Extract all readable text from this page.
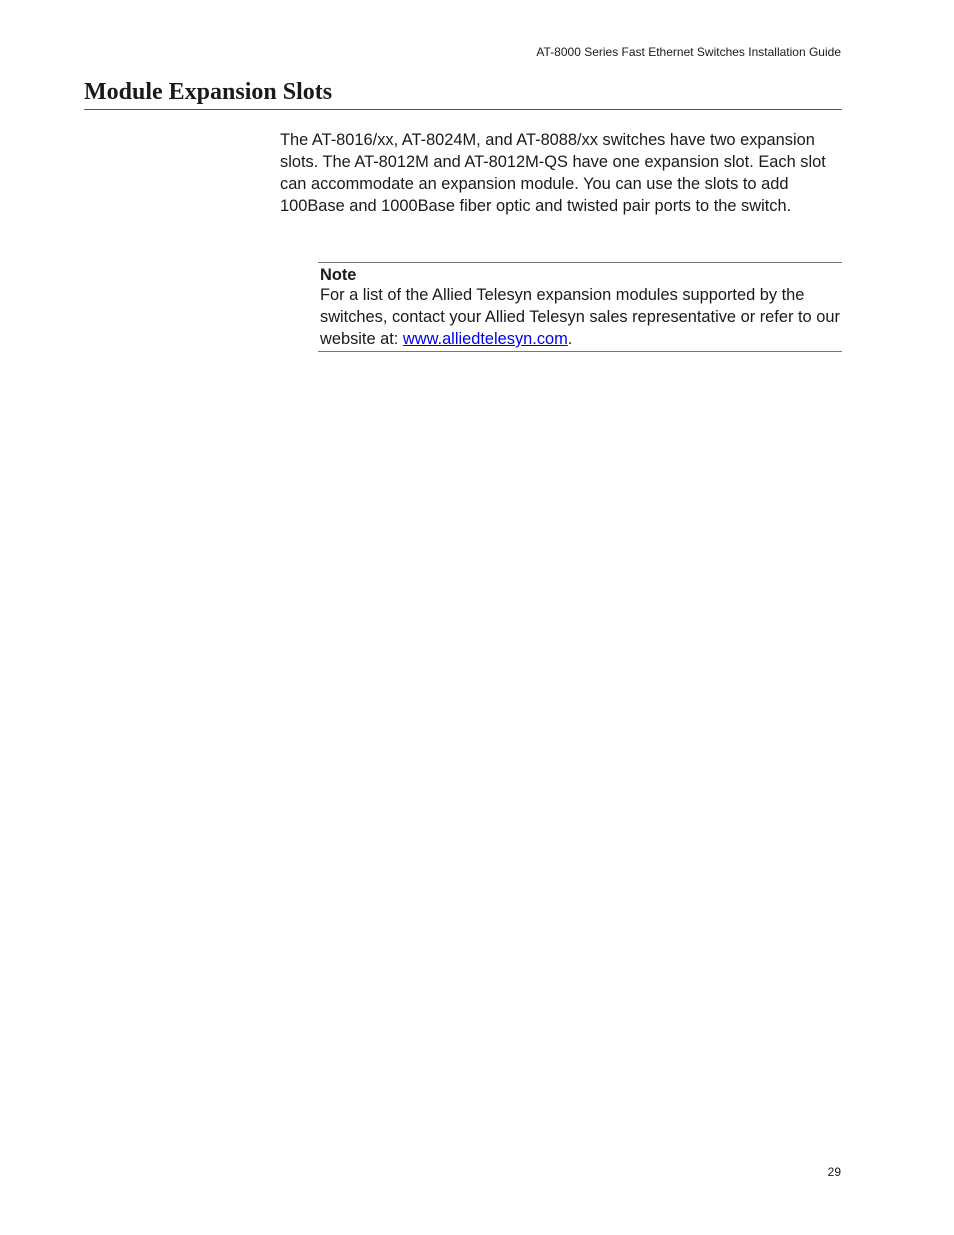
AT-8000 Series Fast Ethernet Switches Installation Guide
Module Expansion Slots

The AT-8016/xx, AT-8024M, and AT-8088/xx switches have two expansion slots. The AT-8012M and AT-8012M-QS have one expansion slot. Each slot can accommodate an expansion module. You can use the slots to add 100Base and 1000Base fiber optic and twisted pair ports to the switch.

Note

For a list of the Allied Telesyn expansion modules supported by the switches, contact your Allied Telesyn sales representative or refer to our website at: www.alliedtelesyn.com.

29
